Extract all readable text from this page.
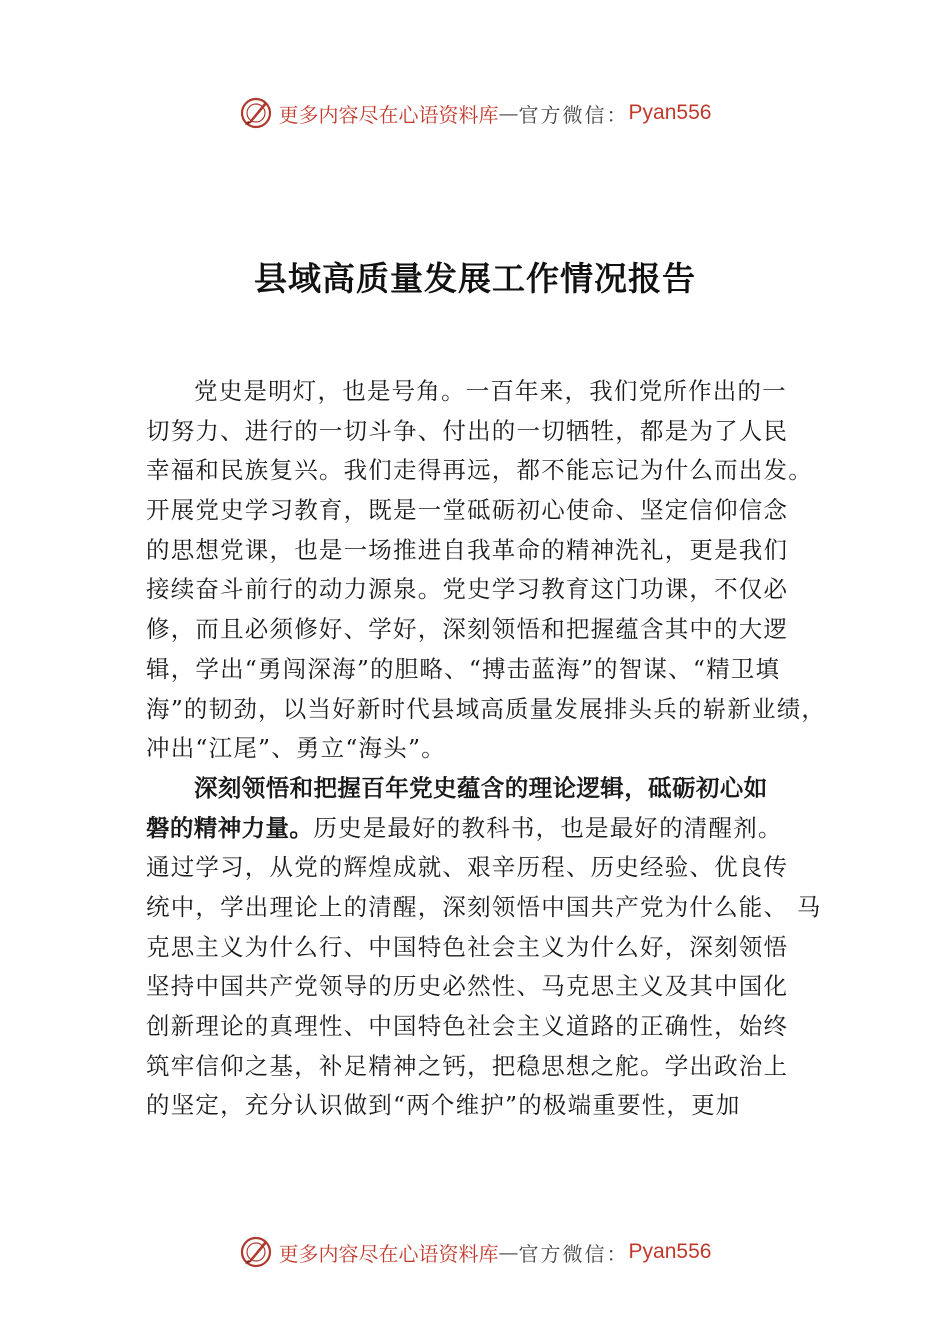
更多内容尽在心语资料库 — 官方微信： Pyan556
县域高质量发展工作情况报告
党史是明灯，也是号角。一百年来，我们党所作出的一
切努力、进行的一切斗争、付出的一切牺牲，都是为了人民
幸福和民族复兴。我们走得再远，都不能忘记为什么而出发。
开展党史学习教育，既是一堂砥砺初心使命、坚定信仰信念
的思想党课，也是一场推进自我革命的精神洗礼，更是我们
接续奋斗前行的动力源泉。党史学习教育这门功课，不仅必
修，而且必须修好、学好，深刻领悟和把握蕴含其中的大逻
辑，学出“勇闯深海”的胆略、“搏击蓝海”的智谋、“精卫填
海”的韧劲，以当好新时代县域高质量发展排头兵的崭新业绩，
冲出“江尾”、勇立“海头”。
深刻领悟和把握百年党史蕴含的理论逻辑，砥砺初心如
磐的精神力量。历史是最好的教科书，也是最好的清醒剂。
通过学习，从党的辉煌成就、艰辛历程、历史经验、优良传
统中，学出理论上的清醒，深刻领悟中国共产党为什么能、 马
克思主义为什么行、中国特色社会主义为什么好，深刻领悟
坚持中国共产党领导的历史必然性、马克思主义及其中国化
创新理论的真理性、中国特色社会主义道路的正确性，始终
筑牢信仰之基，补足精神之钙，把稳思想之舵。学出政治上
的坚定，充分认识做到“两个维护”的极端重要性，更加
更多内容尽在心语资料库 — 官方微信： Pyan556
